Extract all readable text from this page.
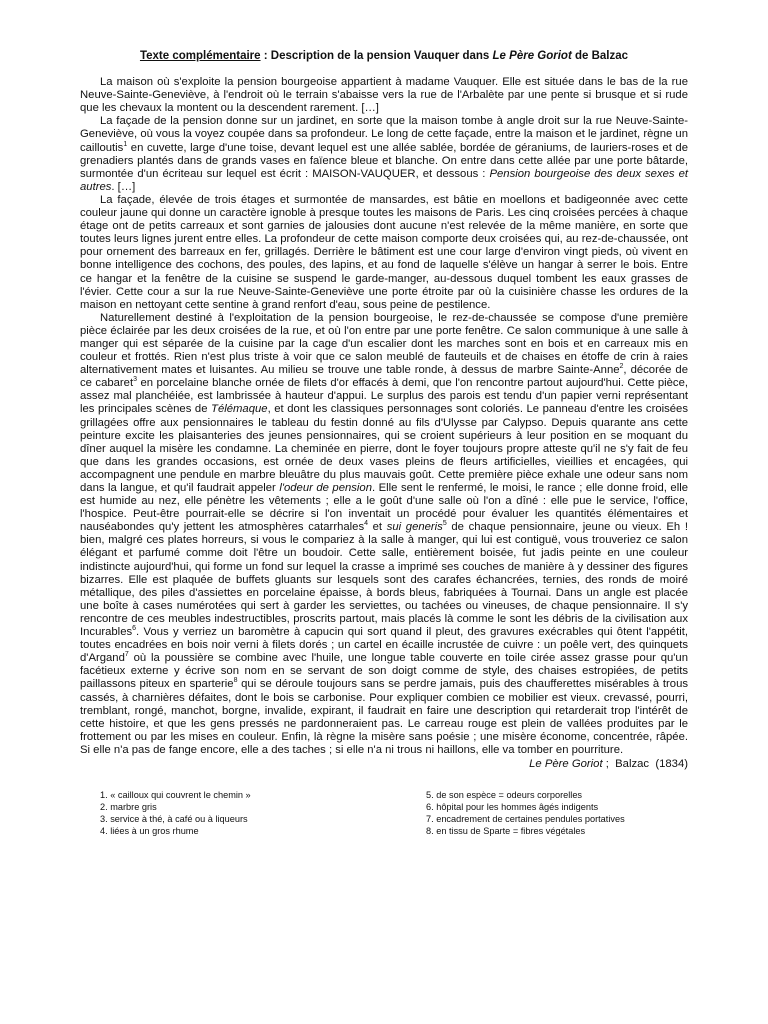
Texte complémentaire : Description de la pension Vauquer dans Le Père Goriot de Balzac

La maison où s'exploite la pension bourgeoise appartient à madame Vauquer. Elle est située dans le bas de la rue Neuve-Sainte-Geneviève, à l'endroit où le terrain s'abaisse vers la rue de l'Arbalète par une pente si brusque et si rude que les chevaux la montent ou la descendent rarement. […]

La façade de la pension donne sur un jardinet, en sorte que la maison tombe à angle droit sur la rue Neuve-Sainte-Geneviève, où vous la voyez coupée dans sa profondeur. Le long de cette façade, entre la maison et le jardinet, règne un cailloutis$^1$ en cuvette, large d'une toise, devant lequel est une allée sablée, bordée de géraniums, de lauriers-roses et de grenadiers plantés dans de grands vases en faïence bleue et blanche. On entre dans cette allée par une porte bâtarde, surmontée d'un écriteau sur lequel est écrit : MAISON-VAUQUER, et dessous : Pension bourgeoise des deux sexes et autres. […]

La façade, élevée de trois étages et surmontée de mansardes, est bâtie en moellons et badigeonnée avec cette couleur jaune qui donne un caractère ignoble à presque toutes les maisons de Paris. Les cinq croisées percées à chaque étage ont de petits carreaux et sont garnies de jalousies dont aucune n'est relevée de la même manière, en sorte que toutes leurs lignes jurent entre elles. La profondeur de cette maison comporte deux croisées qui, au rez-de-chaussée, ont pour ornement des barreaux en fer, grillagés. Derrière le bâtiment est une cour large d'environ vingt pieds, où vivent en bonne intelligence des cochons, des poules, des lapins, et au fond de laquelle s'élève un hangar à serrer le bois. Entre ce hangar et la fenêtre de la cuisine se suspend le garde-manger, au-dessous duquel tombent les eaux grasses de l'évier. Cette cour a sur la rue Neuve-Sainte-Geneviève une porte étroite par où la cuisinière chasse les ordures de la maison en nettoyant cette sentine à grand renfort d'eau, sous peine de pestilence.

Naturellement destiné à l'exploitation de la pension bourgeoise, le rez-de-chaussée se compose d'une première pièce éclairée par les deux croisées de la rue, et où l'on entre par une porte fenêtre. Ce salon communique à une salle à manger qui est séparée de la cuisine par la cage d'un escalier dont les marches sont en bois et en carreaux mis en couleur et frottés. Rien n'est plus triste à voir que ce salon meublé de fauteuils et de chaises en étoffe de crin à raies alternativement mates et luisantes. Au milieu se trouve une table ronde, à dessus de marbre Sainte-Anne$^2$, décorée de ce cabaret$^3$ en porcelaine blanche ornée de filets d'or effacés à demi, que l'on rencontre partout aujourd'hui. Cette pièce, assez mal planchéiée, est lambrissée à hauteur d'appui. Le surplus des parois est tendu d'un papier verni représentant les principales scènes de Télémaque, et dont les classiques personnages sont coloriés. Le panneau d'entre les croisées grillagées offre aux pensionnaires le tableau du festin donné au fils d'Ulysse par Calypso. Depuis quarante ans cette peinture excite les plaisanteries des jeunes pensionnaires, qui se croient supérieurs à leur position en se moquant du dîner auquel la misère les condamne. La cheminée en pierre, dont le foyer toujours propre atteste qu'il ne s'y fait de feu que dans les grandes occasions, est ornée de deux vases pleins de fleurs artificielles, vieillies et encagées, qui accompagnent une pendule en marbre bleuâtre du plus mauvais goût. Cette première pièce exhale une odeur sans nom dans la langue, et qu'il faudrait appeler l'odeur de pension. Elle sent le renfermé, le moisi, le rance ; elle donne froid, elle est humide au nez, elle pénètre les vêtements ; elle a le goût d'une salle où l'on a dîné : elle pue le service, l'office, l'hospice. Peut-être pourrait-elle se décrire si l'on inventait un procédé pour évaluer les quantités élémentaires et nauséabondes qu'y jettent les atmosphères catarrhales$^4$ et sui generis$^5$ de chaque pensionnaire, jeune ou vieux. Eh ! bien, malgré ces plates horreurs, si vous le compariez à la salle à manger, qui lui est contiguë, vous trouveriez ce salon élégant et parfumé comme doit l'être un boudoir. Cette salle, entièrement boisée, fut jadis peinte en une couleur indistincte aujourd'hui, qui forme un fond sur lequel la crasse a imprimé ses couches de manière à y dessiner des figures bizarres. Elle est plaquée de buffets gluants sur lesquels sont des carafes échancrées, ternies, des ronds de moiré métallique, des piles d'assiettes en porcelaine épaisse, à bords bleus, fabriquées à Tournai. Dans un angle est placée une boîte à cases numérotées qui sert à garder les serviettes, ou tachées ou vineuses, de chaque pensionnaire. Il s'y rencontre de ces meubles indestructibles, proscrits partout, mais placés là comme le sont les débris de la civilisation aux Incurables$^6$. Vous y verriez un baromètre à capucin qui sort quand il pleut, des gravures exécrables qui ôtent l'appétit, toutes encadrées en bois noir verni à filets dorés ; un cartel en écaille incrustée de cuivre : un poêle vert, des quinquets d'Argand$^7$ où la poussière se combine avec l'huile, une longue table couverte en toile cirée assez grasse pour qu'un facétieux externe y écrive son nom en se servant de son doigt comme de style, des chaises estropiées, de petits paillassons piteux en sparterie$^8$ qui se déroule toujours sans se perdre jamais, puis des chaufferettes misérables à trous cassés, à charnières défaites, dont le bois se carbonise. Pour expliquer combien ce mobilier est vieux. crevassé, pourri, tremblant, rongé, manchot, borgne, invalide, expirant, il faudrait en faire une description qui retarderait trop l'intérêt de cette histoire, et que les gens pressés ne pardonneraient pas. Le carreau rouge est plein de vallées produites par le frottement ou par les mises en couleur. Enfin, là règne la misère sans poésie ; une misère économe, concentrée, râpée. Si elle n'a pas de fange encore, elle a des taches ; si elle n'a ni trous ni haillons, elle va tomber en pourriture.

Le Père Goriot ;  Balzac  (1834)
1. « cailloux qui couvrent le chemin »
2. marbre gris
3. service à thé, à café ou à liqueurs
4. liées à un gros rhume
5. de son espèce = odeurs corporelles
6. hôpital pour les hommes âgés indigents
7. encadrement de certaines pendules portatives
8. en tissu de Sparte = fibres végétales
